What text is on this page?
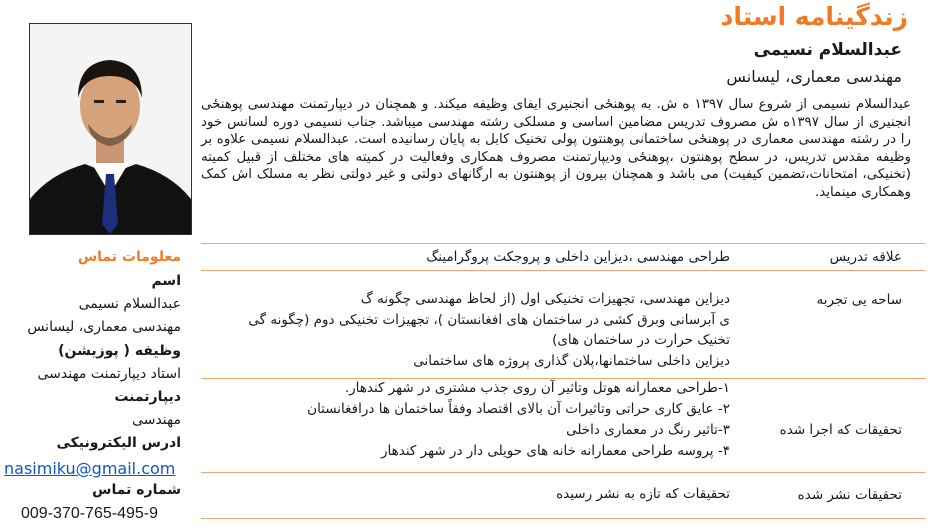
زندگینامه استاد
عبدالسلام نسیمی
مهندسی معماری، لیسانس
عبدالسلام نسیمی از شروع سال ۱۳۹۷ ه ش. به پوهنځی انجنیری ایفای وظیفه میکند. و همچنان در دیپارتمنت مهندسی پوهنځی انجنیری از سال ۱۳۹۷ه ش مصروف تدریس مضامین اساسی و مسلکی رشته مهندسی میباشد. جناب نسیمی دوره لسانس خود را در رشته مهندسی معماری در پوهنځی ساختمانی پوهنتون پولی تخنیک کابل به پایان رسانیده است. عبدالسلام نسیمی علاوه بر وظیفه مقدس تدریس، در سطح پوهنتون ،پوهنځی ودیپارتمنت مصروف همکاری وفعالیت در کمیته های مختلف از قبیل کمیته (تخنیکی، امتحانات،تضمین کیفیت) می باشد و همچنان بیرون از پوهنتون به ارگانهای دولتی و غیر دولتی نظر به مسلک اش کمک وهمکاری مینماید.
علاقه تدریس
طراحی مهندسی ،دیزاین داخلی و پروجکت پروگرامینگ
ساحه یی تجربه
دیزاین مهندسی، تجهیزات تخنیکی اول (از لحاظ مهندسی چگونه گ
ی آبرسانی وبرق کشی در ساختمان های افغانستان )، تجهیزات تخنیکی دوم (چگونه گی
تخنیک حرارت در ساختمان های)
دیزاین داخلی ساختمانها،پلان گذاری پروژه های ساختمانی
تحقیقات که اجرا شده
۱-طراحی معمارانه هوتل وتاثیر آن روی جذب مشتری در شهر کندهار.
۲- عایق کاری حراتی وتاثیرات آن بالای اقتصاد وفقاً ساختمان ها درافغانستان
۳-تاثیر رنگ در معماری داخلی
۴- پروسه طراحی معمارانه خانه های حویلی دار در شهر کندهار
تحقیقات نشر شده
تحقیقات که تازه به نشر رسیده
معلومات تماس
اسم
عبدالسلام نسیمی
مهندسی معماری، لیسانس
وظیفه ( پوزیشن)
استاد دیپارتمنت مهندسی
دیپارتمنت
مهندسی
ادرس الیکترونیکی
nasimiku@gmail.com
شماره تماس
009-370-765-495-9
